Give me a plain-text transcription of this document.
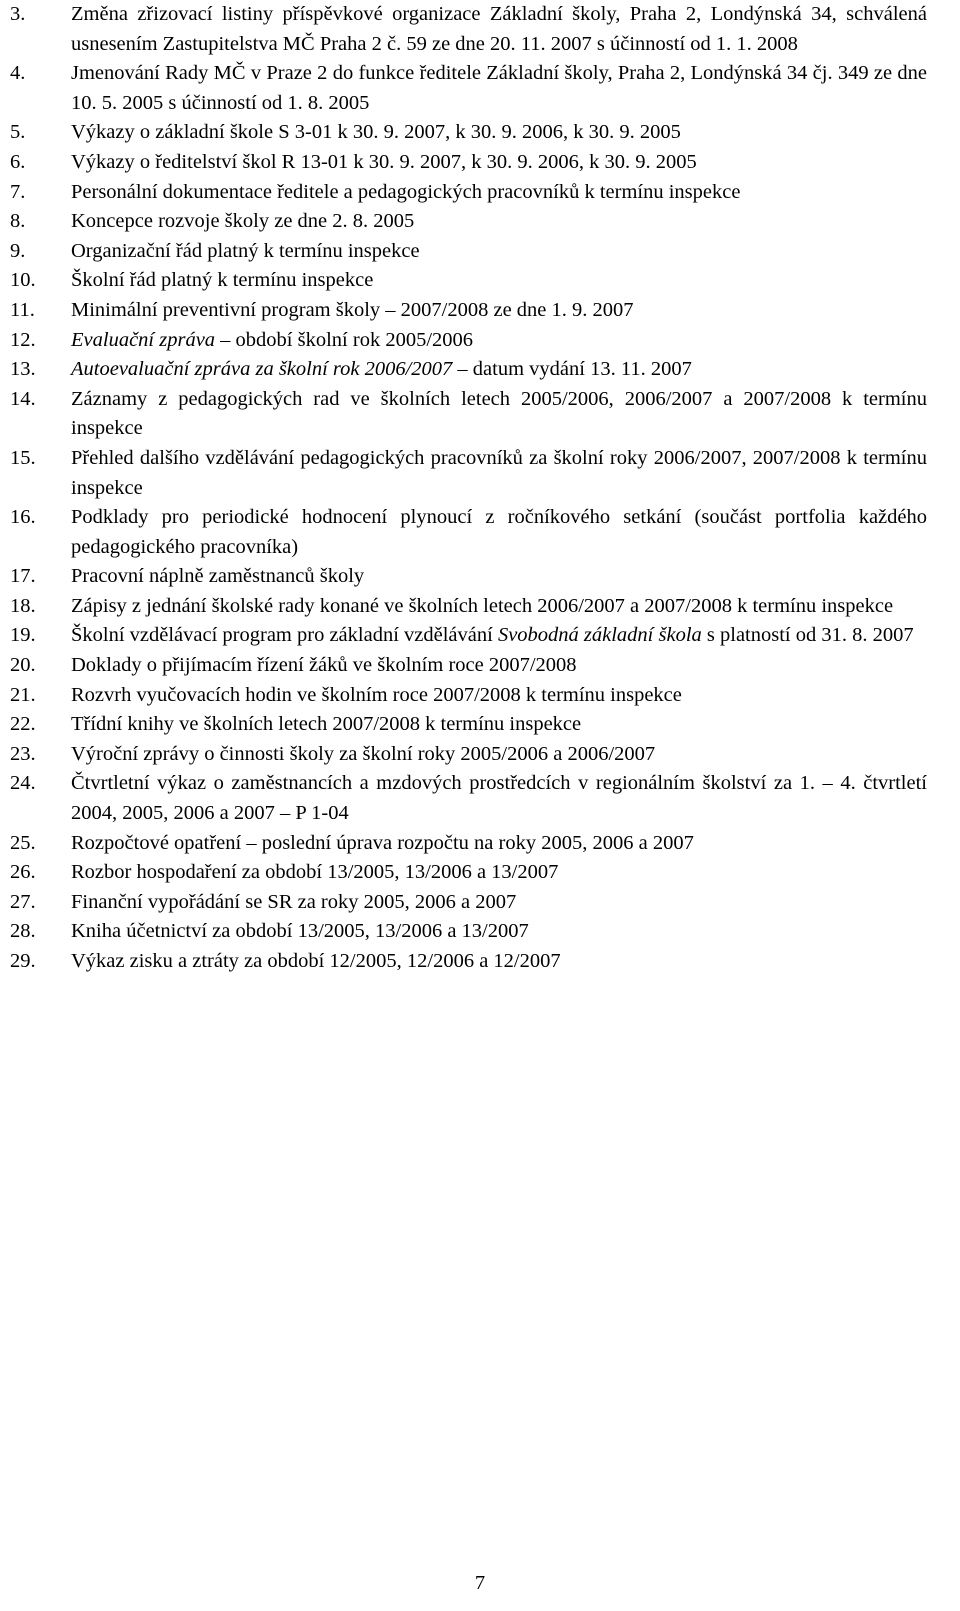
3.	Změna zřizovací listiny příspěvkové organizace Základní školy, Praha 2, Londýnská 34, schválená usnesením Zastupitelstva MČ Praha 2 č. 59 ze dne 20. 11. 2007 s účinností od 1. 1. 2008
4.	Jmenování Rady MČ v Praze 2 do funkce ředitele Základní školy, Praha 2, Londýnská 34 čj. 349 ze dne 10. 5. 2005 s účinností od 1. 8. 2005
5.	Výkazy o základní škole S 3-01 k 30. 9. 2007, k 30. 9. 2006, k 30. 9. 2005
6.	Výkazy o ředitelství škol R 13-01 k 30. 9. 2007, k 30. 9. 2006, k 30. 9. 2005
7.	Personální dokumentace ředitele a pedagogických pracovníků k termínu inspekce
8.	Koncepce rozvoje školy ze dne 2. 8. 2005
9.	Organizační řád platný k termínu inspekce
10.	Školní řád platný k termínu inspekce
11.	Minimální preventivní program školy – 2007/2008 ze dne 1. 9. 2007
12.	Evaluační zpráva – období školní rok 2005/2006
13.	Autoevaluační zpráva za školní rok 2006/2007 – datum vydání 13. 11. 2007
14.	Záznamy z pedagogických rad ve školních letech 2005/2006, 2006/2007 a 2007/2008 k termínu inspekce
15.	Přehled dalšího vzdělávání pedagogických pracovníků za školní roky 2006/2007, 2007/2008 k termínu inspekce
16.	Podklady pro periodické hodnocení plynoucí z ročníkového setkání (součást portfolia každého pedagogického pracovníka)
17.	Pracovní náplně zaměstnanců školy
18.	Zápisy z jednání školské rady konané ve školních letech 2006/2007 a 2007/2008 k termínu inspekce
19.	Školní vzdělávací program pro základní vzdělávání Svobodná základní škola s platností od 31. 8. 2007
20.	Doklady o přijímacím řízení žáků ve školním roce 2007/2008
21.	Rozvrh vyučovacích hodin ve školním roce 2007/2008 k termínu inspekce
22.	Třídní knihy ve školních letech 2007/2008 k termínu inspekce
23.	Výroční zprávy o činnosti školy za školní roky 2005/2006 a 2006/2007
24.	Čtvrtletní výkaz o zaměstnancích a mzdových prostředcích v regionálním školství za 1. – 4. čtvrtletí 2004, 2005, 2006 a 2007 – P 1-04
25.	Rozpočtové opatření – poslední úprava rozpočtu na roky 2005, 2006 a 2007
26.	Rozbor hospodaření za období 13/2005, 13/2006 a 13/2007
27.	Finanční vypořádání se SR za roky 2005, 2006 a 2007
28.	Kniha účetnictví za období 13/2005, 13/2006 a 13/2007
29.	Výkaz zisku a ztráty za období 12/2005, 12/2006 a 12/2007
7
